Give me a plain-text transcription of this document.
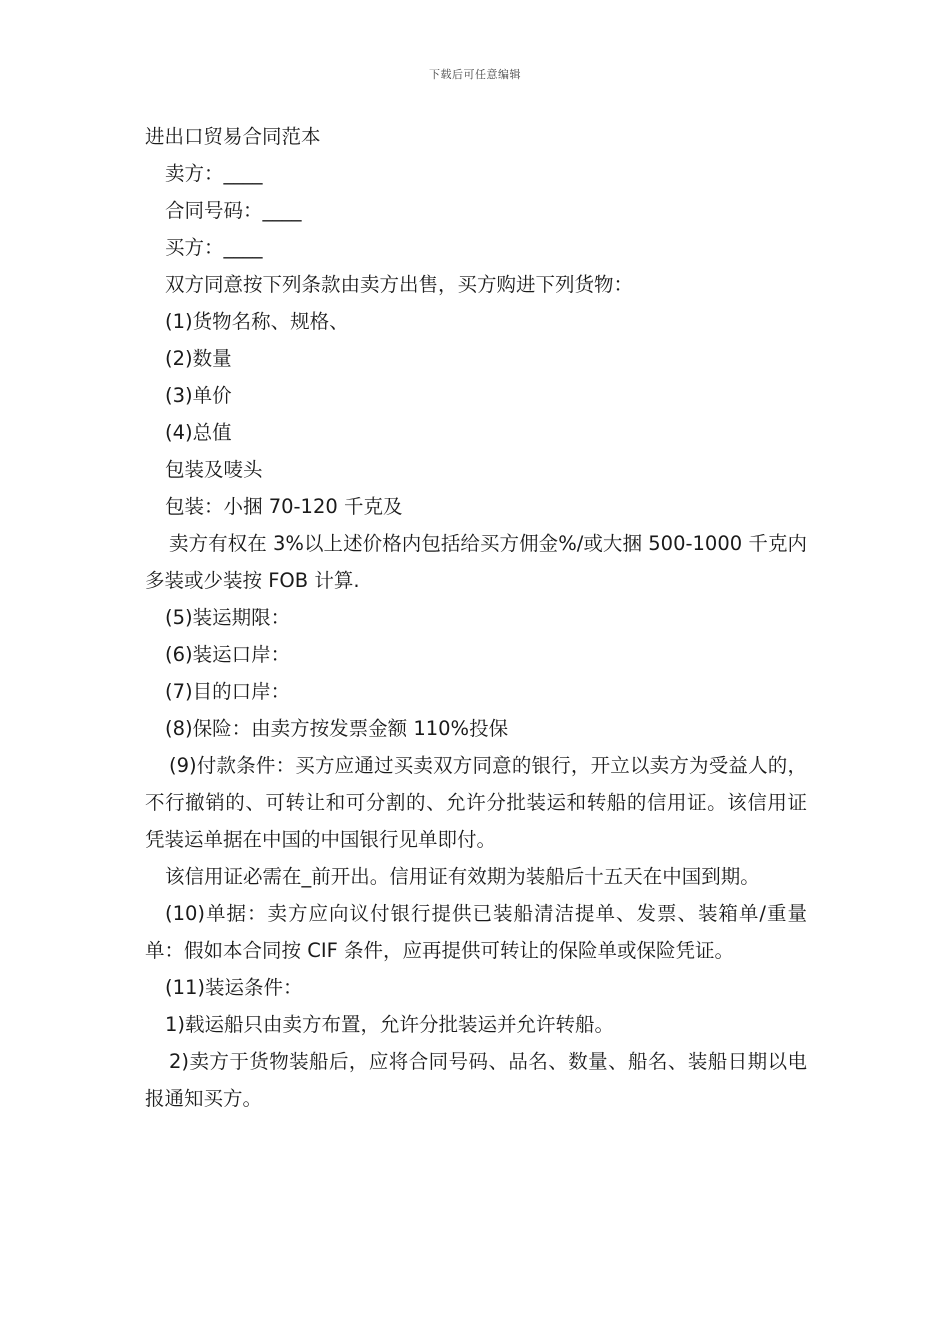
下载后可任意编辑
进出口贸易合同范本
卖方：____
合同号码：____
买方：____
双方同意按下列条款由卖方出售，买方购进下列货物：
(1)货物名称、规格、
(2)数量
(3)单价
(4)总值
包装及唛头
包装：小捆 70-120 千克及
卖方有权在 3%以上述价格内包括给买方佣金%/或大捆 500-1000 千克内多装或少装按 FOB 计算.
(5)装运期限：
(6)装运口岸：
(7)目的口岸：
(8)保险：由卖方按发票金额 110%投保
(9)付款条件：买方应通过买卖双方同意的银行，开立以卖方为受益人的，不行撤销的、可转让和可分割的、允许分批装运和转船的信用证。该信用证凭装运单据在中国的中国银行见单即付。
该信用证必需在_前开出。信用证有效期为装船后十五天在中国到期。
(10)单据：卖方应向议付银行提供已装船清洁提单、发票、装箱单/重量单：假如本合同按 CIF 条件，应再提供可转让的保险单或保险凭证。
(11)装运条件：
1)载运船只由卖方布置，允许分批装运并允许转船。
2)卖方于货物装船后，应将合同号码、品名、数量、船名、装船日期以电报通知买方。
